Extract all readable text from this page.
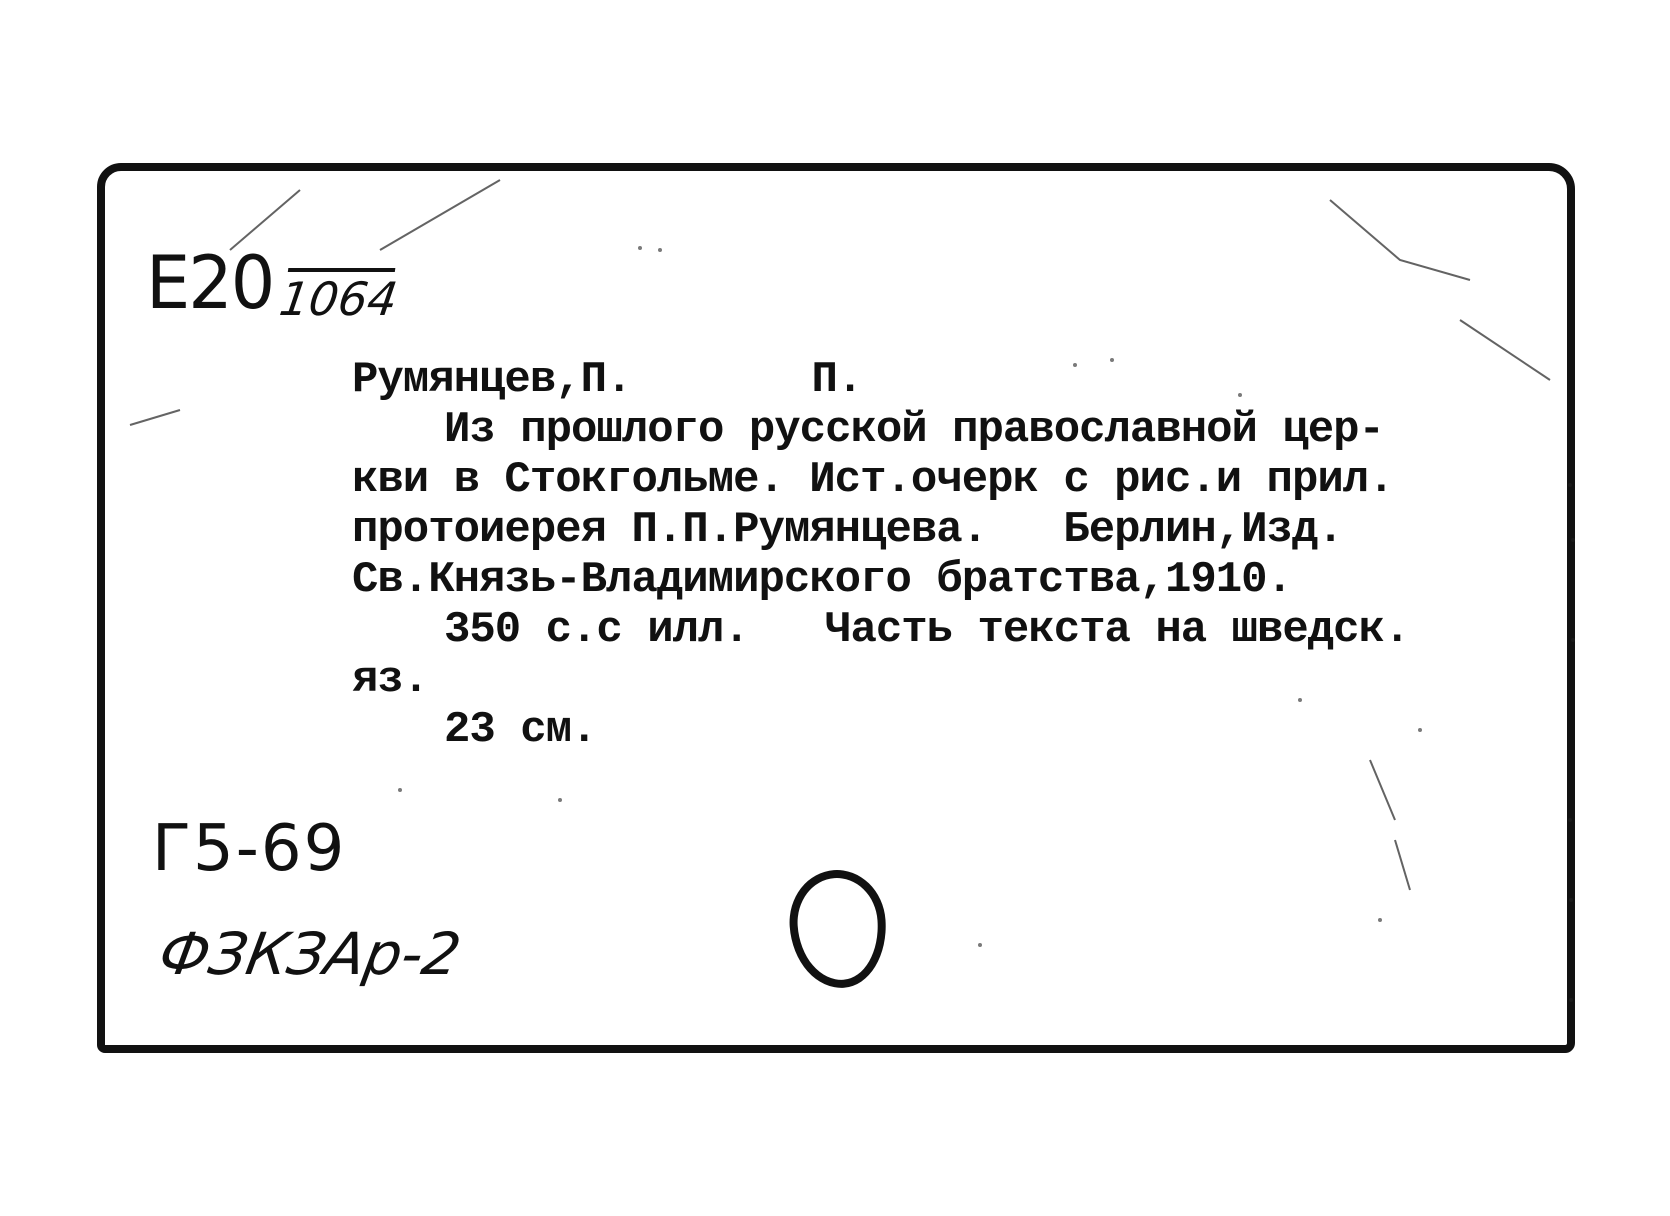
E20 1064
Румянцев,П.	П.
Из прошлого русской православной цер-
кви в Стокгольме. Ист.очерк с рис.и прил.
протоиерея П.П.Румянцева.   Берлин,Изд.
Св.Князь-Владимирского братства,1910.
350 с.с илл.   Часть текста на шведск.
яз.
23 см.
Г5-69
ФЗКЗАр-2
